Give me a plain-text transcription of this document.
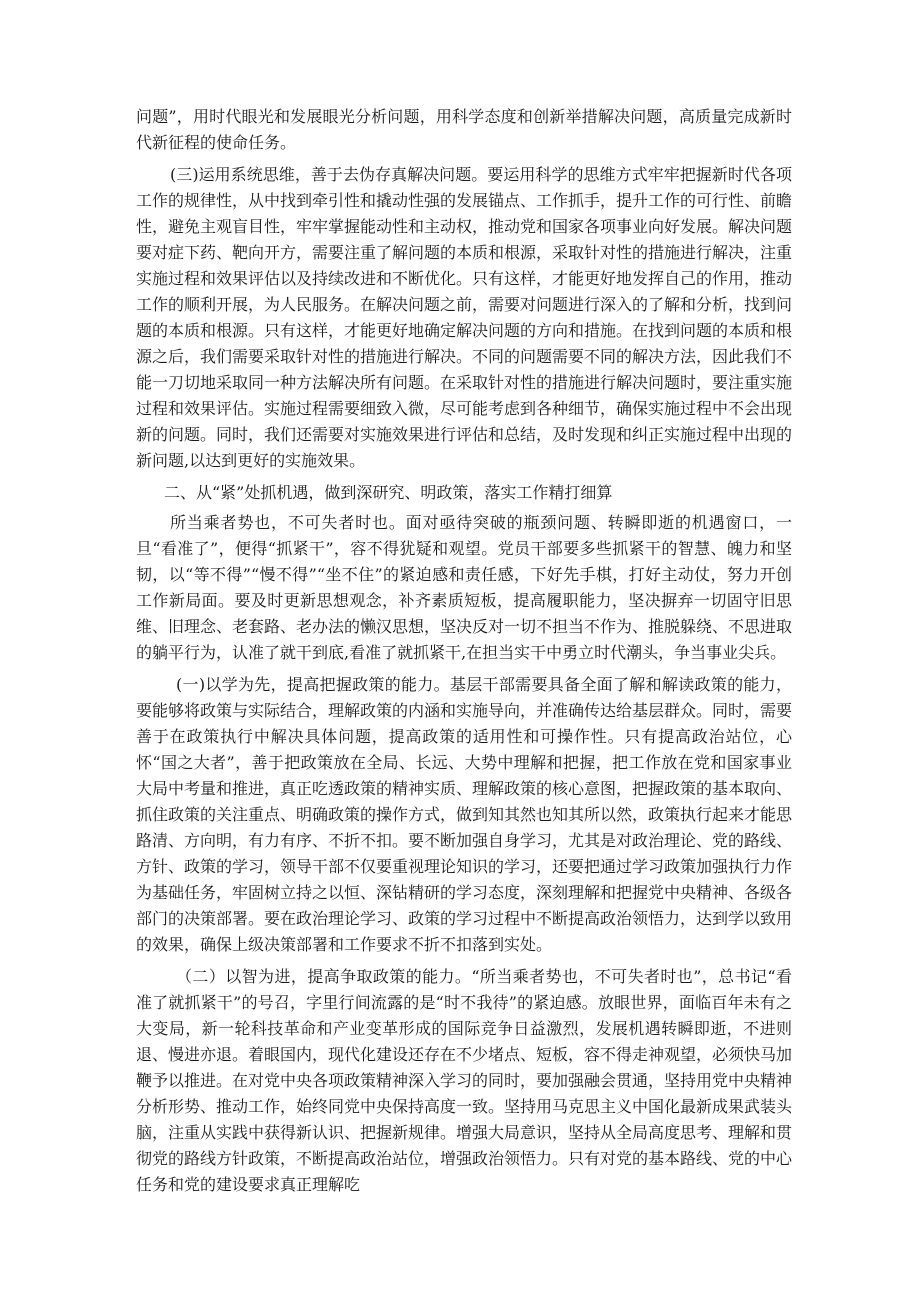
问题”，用时代眼光和发展眼光分析问题，用科学态度和创新举措解决问题，高质量完成新时代新征程的使命任务。

(三)运用系统思维，善于去伪存真解决问题。要运用科学的思维方式牢牢把握新时代各项工作的规律性，从中找到牵引性和撬动性强的发展锚点、工作抓手，提升工作的可行性、前瞻性，避免主观盲目性，牢牢掌握能动性和主动权，推动党和国家各项事业向好发展。解决问题要对症下药、靶向开方，需要注重了解问题的本质和根源，采取针对性的措施进行解决，注重实施过程和效果评估以及持续改进和不断优化。只有这样，才能更好地发挥自己的作用，推动工作的顺利开展，为人民服务。在解决问题之前，需要对问题进行深入的了解和分析，找到问题的本质和根源。只有这样，才能更好地确定解决问题的方向和措施。在找到问题的本质和根源之后，我们需要采取针对性的措施进行解决。不同的问题需要不同的解决方法，因此我们不能一刀切地采取同一种方法解决所有问题。在采取针对性的措施进行解决问题时，要注重实施过程和效果评估。实施过程需要细致入微，尽可能考虑到各种细节，确保实施过程中不会出现新的问题。同时，我们还需要对实施效果进行评估和总结，及时发现和纠正实施过程中出现的新问题,以达到更好的实施效果。

二、从“紧”处抓机遇，做到深研究、明政策，落实工作精打细算

所当乘者势也，不可失者时也。面对亟待突破的瓶颈问题、转瞬即逝的机遇窗口，一旦“看准了”，便得“抓紧干”，容不得犹疑和观望。党员干部要多些抓紧干的智慧、魄力和坚韧，以“等不得”“慢不得”“坐不住”的紧迫感和责任感，下好先手棋，打好主动仗，努力开创工作新局面。要及时更新思想观念，补齐素质短板，提高履职能力，坚决摒弃一切固守旧思维、旧理念、老套路、老办法的懒汉思想，坚决反对一切不担当不作为、推脱躲绕、不思进取的躺平行为，认准了就干到底,看准了就抓紧干,在担当实干中勇立时代潮头，争当事业尖兵。

(一)以学为先，提高把握政策的能力。基层干部需要具备全面了解和解读政策的能力，要能够将政策与实际结合，理解政策的内涵和实施导向，并准确传达给基层群众。同时，需要善于在政策执行中解决具体问题，提高政策的适用性和可操作性。只有提高政治站位，心怀“国之大者”，善于把政策放在全局、长远、大势中理解和把握，把工作放在党和国家事业大局中考量和推进，真正吃透政策的精神实质、理解政策的核心意图，把握政策的基本取向、抓住政策的关注重点、明确政策的操作方式，做到知其然也知其所以然，政策执行起来才能思路清、方向明，有力有序、不折不扣。要不断加强自身学习，尤其是对政治理论、党的路线、方针、政策的学习，领导干部不仅要重视理论知识的学习，还要把通过学习政策加强执行力作为基础任务，牢固树立持之以恒、深钻精研的学习态度，深刻理解和把握党中央精神、各级各部门的决策部署。要在政治理论学习、政策的学习过程中不断提高政治领悟力，达到学以致用的效果，确保上级决策部署和工作要求不折不扣落到实处。

（二）以智为进，提高争取政策的能力。“所当乘者势也，不可失者时也”，总书记“看准了就抓紧干”的号召，字里行间流露的是“时不我待”的紧迫感。放眼世界，面临百年未有之大变局，新一轮科技革命和产业变革形成的国际竞争日益激烈，发展机遇转瞬即逝，不进则退、慢进亦退。着眼国内，现代化建设还存在不少堵点、短板，容不得走神观望，必须快马加鞭予以推进。在对党中央各项政策精神深入学习的同时，要加强融会贯通，坚持用党中央精神分析形势、推动工作，始终同党中央保持高度一致。坚持用马克思主义中国化最新成果武装头脑，注重从实践中获得新认识、把握新规律。增强大局意识，坚持从全局高度思考、理解和贯彻党的路线方针政策，不断提高政治站位，增强政治领悟力。只有对党的基本路线、党的中心任务和党的建设要求真正理解吃
